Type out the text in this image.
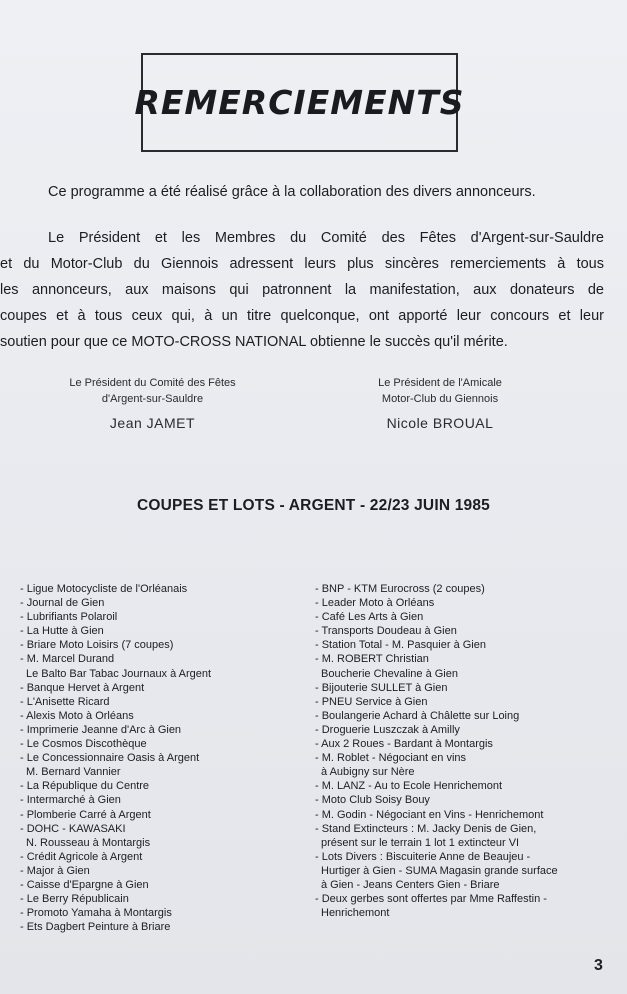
REMERCIEMENTS
Ce programme a été réalisé grâce à la collaboration des divers annonceurs.
Le Président et les Membres du Comité des Fêtes d'Argent-sur-Sauldre
et du Motor-Club du Giennois adressent leurs plus sincères remerciements à tous
les annonceurs, aux maisons qui patronnent la manifestation, aux donateurs de
coupes et à tous ceux qui, à un titre quelconque, ont apporté leur concours et leur
soutien pour que ce MOTO-CROSS NATIONAL obtienne le succès qu'il mérite.
Le Président du Comité des Fêtes
d'Argent-sur-Sauldre
Jean JAMET
Le Président de l'Amicale
Motor-Club du Giennois
Nicole BROUAL
COUPES ET LOTS - ARGENT - 22/23 JUIN 1985
- Ligue Motocycliste de l'Orléanais
- Journal de Gien
- Lubrifiants Polaroil
- La Hutte à Gien
- Briare Moto Loisirs (7 coupes)
- M. Marcel Durand
Le Balto Bar Tabac Journaux à Argent
- Banque Hervet à Argent
- L'Anisette Ricard
- Alexis Moto à Orléans
- Imprimerie Jeanne d'Arc à Gien
- Le Cosmos Discothèque
- Le Concessionnaire Oasis à Argent
M. Bernard Vannier
- La République du Centre
- Intermarché à Gien
- Plomberie Carré à Argent
- DOHC - KAWASAKI
N. Rousseau à Montargis
- Crédit Agricole à Argent
- Major à Gien
- Caisse d'Epargne à Gien
- Le Berry Républicain
- Promoto Yamaha à Montargis
- Ets Dagbert Peinture à Briare
- BNP - KTM Eurocross (2 coupes)
- Leader Moto à Orléans
- Café Les Arts à Gien
- Transports Doudeau à Gien
- Station Total - M. Pasquier à Gien
- M. ROBERT Christian
Boucherie Chevaline à Gien
- Bijouterie SULLET à Gien
- PNEU Service à Gien
- Boulangerie Achard à Châlette sur Loing
- Droguerie Luszczak à Amilly
- Aux 2 Roues - Bardant à Montargis
- M. Roblet - Négociant en vins
à Aubigny sur Nère
- M. LANZ - Au to Ecole Henrichemont
- Moto Club Soisy Bouy
- M. Godin - Négociant en Vins - Henrichemont
- Stand Extincteurs : M. Jacky Denis de Gien,
présent sur le terrain 1 lot 1 extincteur VI
- Lots Divers : Biscuiterie Anne de Beaujeu -
Hurtiger à Gien - SUMA Magasin grande surface
à Gien - Jeans Centers Gien - Briare
- Deux gerbes sont offertes par Mme Raffestin -
Henrichemont
3
